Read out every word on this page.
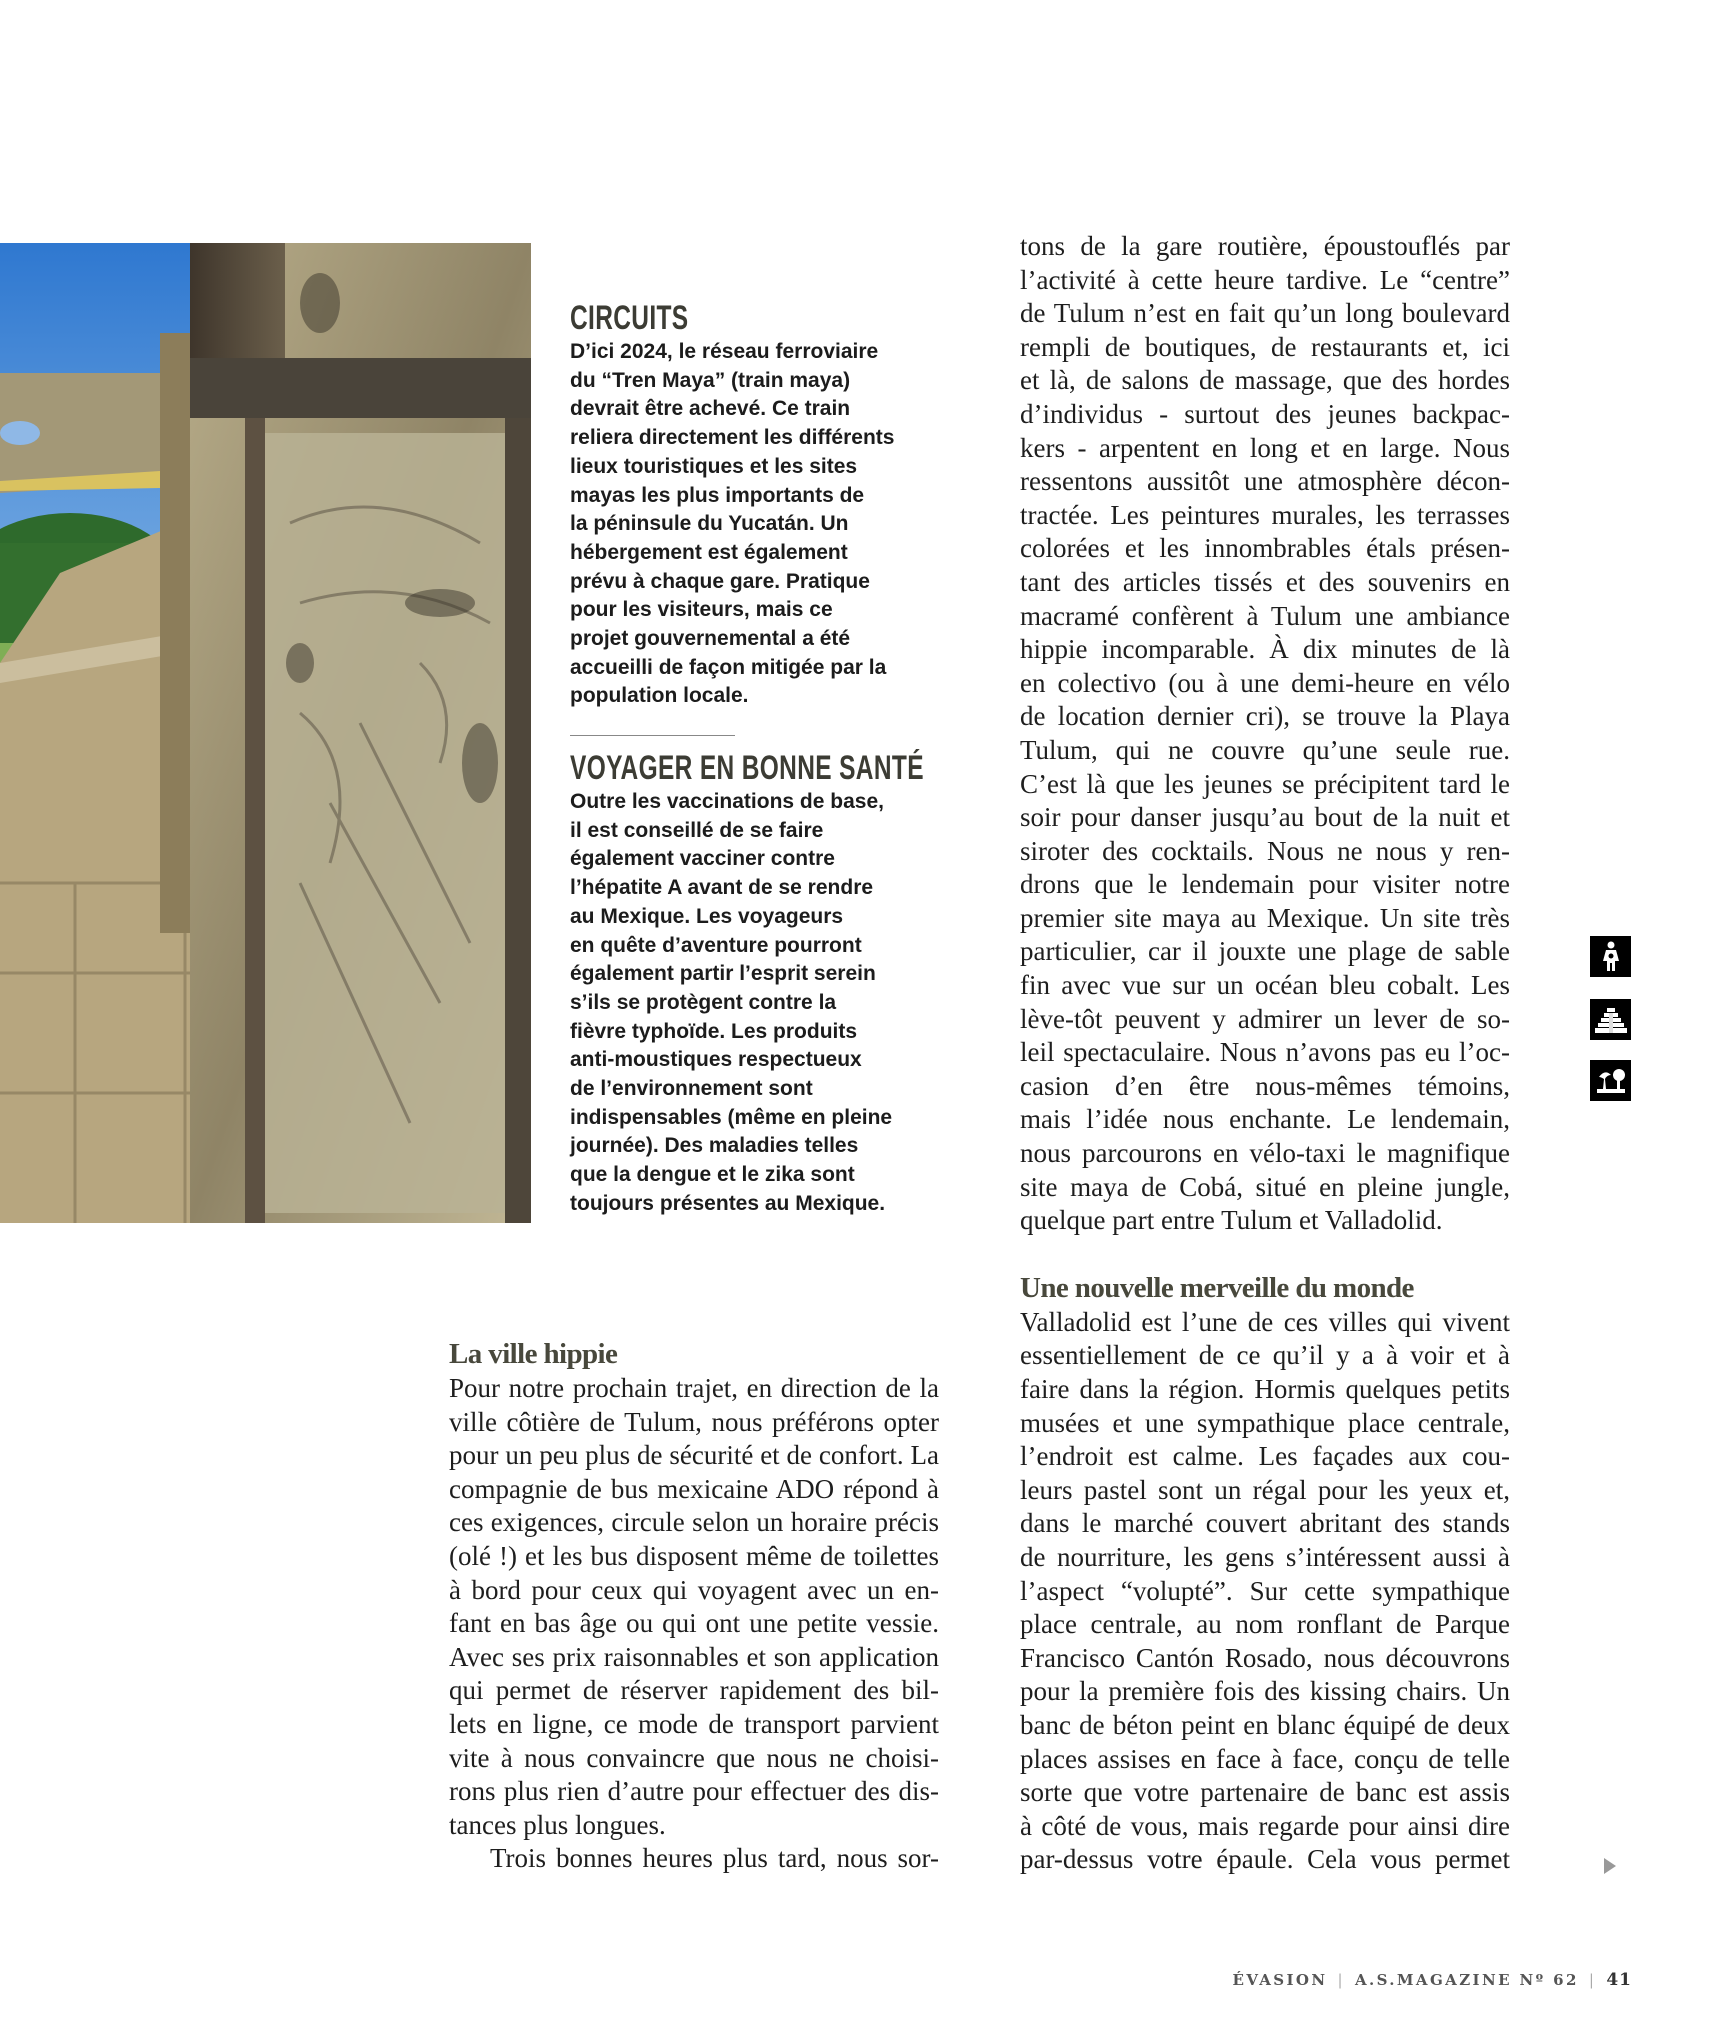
CIRCUITS
D’ici 2024, le réseau ferroviaire
du “Tren Maya” (train maya)
devrait être achevé. Ce train
reliera directement les différents
lieux touristiques et les sites
mayas les plus importants de
la péninsule du Yucatán. Un
hébergement est également
prévu à chaque gare. Pratique
pour les visiteurs, mais ce
projet gouvernemental a été
accueilli de façon mitigée par la
population locale.
VOYAGER EN BONNE SANTÉ
Outre les vaccinations de base,
il est conseillé de se faire
également vacciner contre
l’hépatite A avant de se rendre
au Mexique. Les voyageurs
en quête d’aventure pourront
également partir l’esprit serein
s’ils se protègent contre la
fièvre typhoïde. Les produits
anti-moustiques respectueux
de l’environnement sont
indispensables (même en pleine
journée). Des maladies telles
que la dengue et le zika sont
toujours présentes au Mexique.
La ville hippie
Pour notre prochain trajet, en direction de la
ville côtière de Tulum, nous préférons opter
pour un peu plus de sécurité et de confort. La
compagnie de bus mexicaine ADO répond à
ces exigences, circule selon un horaire précis
(olé !) et les bus disposent même de toilettes
à bord pour ceux qui voyagent avec un en-
fant en bas âge ou qui ont une petite vessie.
Avec ses prix raisonnables et son application
qui permet de réserver rapidement des bil-
lets en ligne, ce mode de transport parvient
vite à nous convaincre que nous ne choisi-
rons plus rien d’autre pour effectuer des dis-
tances plus longues.
Trois bonnes heures plus tard, nous sor-
tons de la gare routière, époustouflés par
l’activité à cette heure tardive. Le “centre”
de Tulum n’est en fait qu’un long boulevard
rempli de boutiques, de restaurants et, ici
et là, de salons de massage, que des hordes
d’individus - surtout des jeunes backpac-
kers - arpentent en long et en large. Nous
ressentons aussitôt une atmosphère décon-
tractée. Les peintures murales, les terrasses
colorées et les innombrables étals présen-
tant des articles tissés et des souvenirs en
macramé confèrent à Tulum une ambiance
hippie incomparable. À dix minutes de là
en colectivo (ou à une demi-heure en vélo
de location dernier cri), se trouve la Playa
Tulum, qui ne couvre qu’une seule rue.
C’est là que les jeunes se précipitent tard le
soir pour danser jusqu’au bout de la nuit et
siroter des cocktails. Nous ne nous y ren-
drons que le lendemain pour visiter notre
premier site maya au Mexique. Un site très
particulier, car il jouxte une plage de sable
fin avec vue sur un océan bleu cobalt. Les
lève-tôt peuvent y admirer un lever de so-
leil spectaculaire. Nous n’avons pas eu l’oc-
casion d’en être nous-mêmes témoins,
mais l’idée nous enchante. Le lendemain,
nous parcourons en vélo-taxi le magnifique
site maya de Cobá, situé en pleine jungle,
quelque part entre Tulum et Valladolid.
Une nouvelle merveille du monde
Valladolid est l’une de ces villes qui vivent
essentiellement de ce qu’il y a à voir et à
faire dans la région. Hormis quelques petits
musées et une sympathique place centrale,
l’endroit est calme. Les façades aux cou-
leurs pastel sont un régal pour les yeux et,
dans le marché couvert abritant des stands
de nourriture, les gens s’intéressent aussi à
l’aspect “volupté”. Sur cette sympathique
place centrale, au nom ronflant de Parque
Francisco Cantón Rosado, nous découvrons
pour la première fois des kissing chairs. Un
banc de béton peint en blanc équipé de deux
places assises en face à face, conçu de telle
sorte que votre partenaire de banc est assis
à côté de vous, mais regarde pour ainsi dire
par-dessus votre épaule. Cela vous permet
ÉVASION | A.S.MAGAZINE Nº 62 | 41
